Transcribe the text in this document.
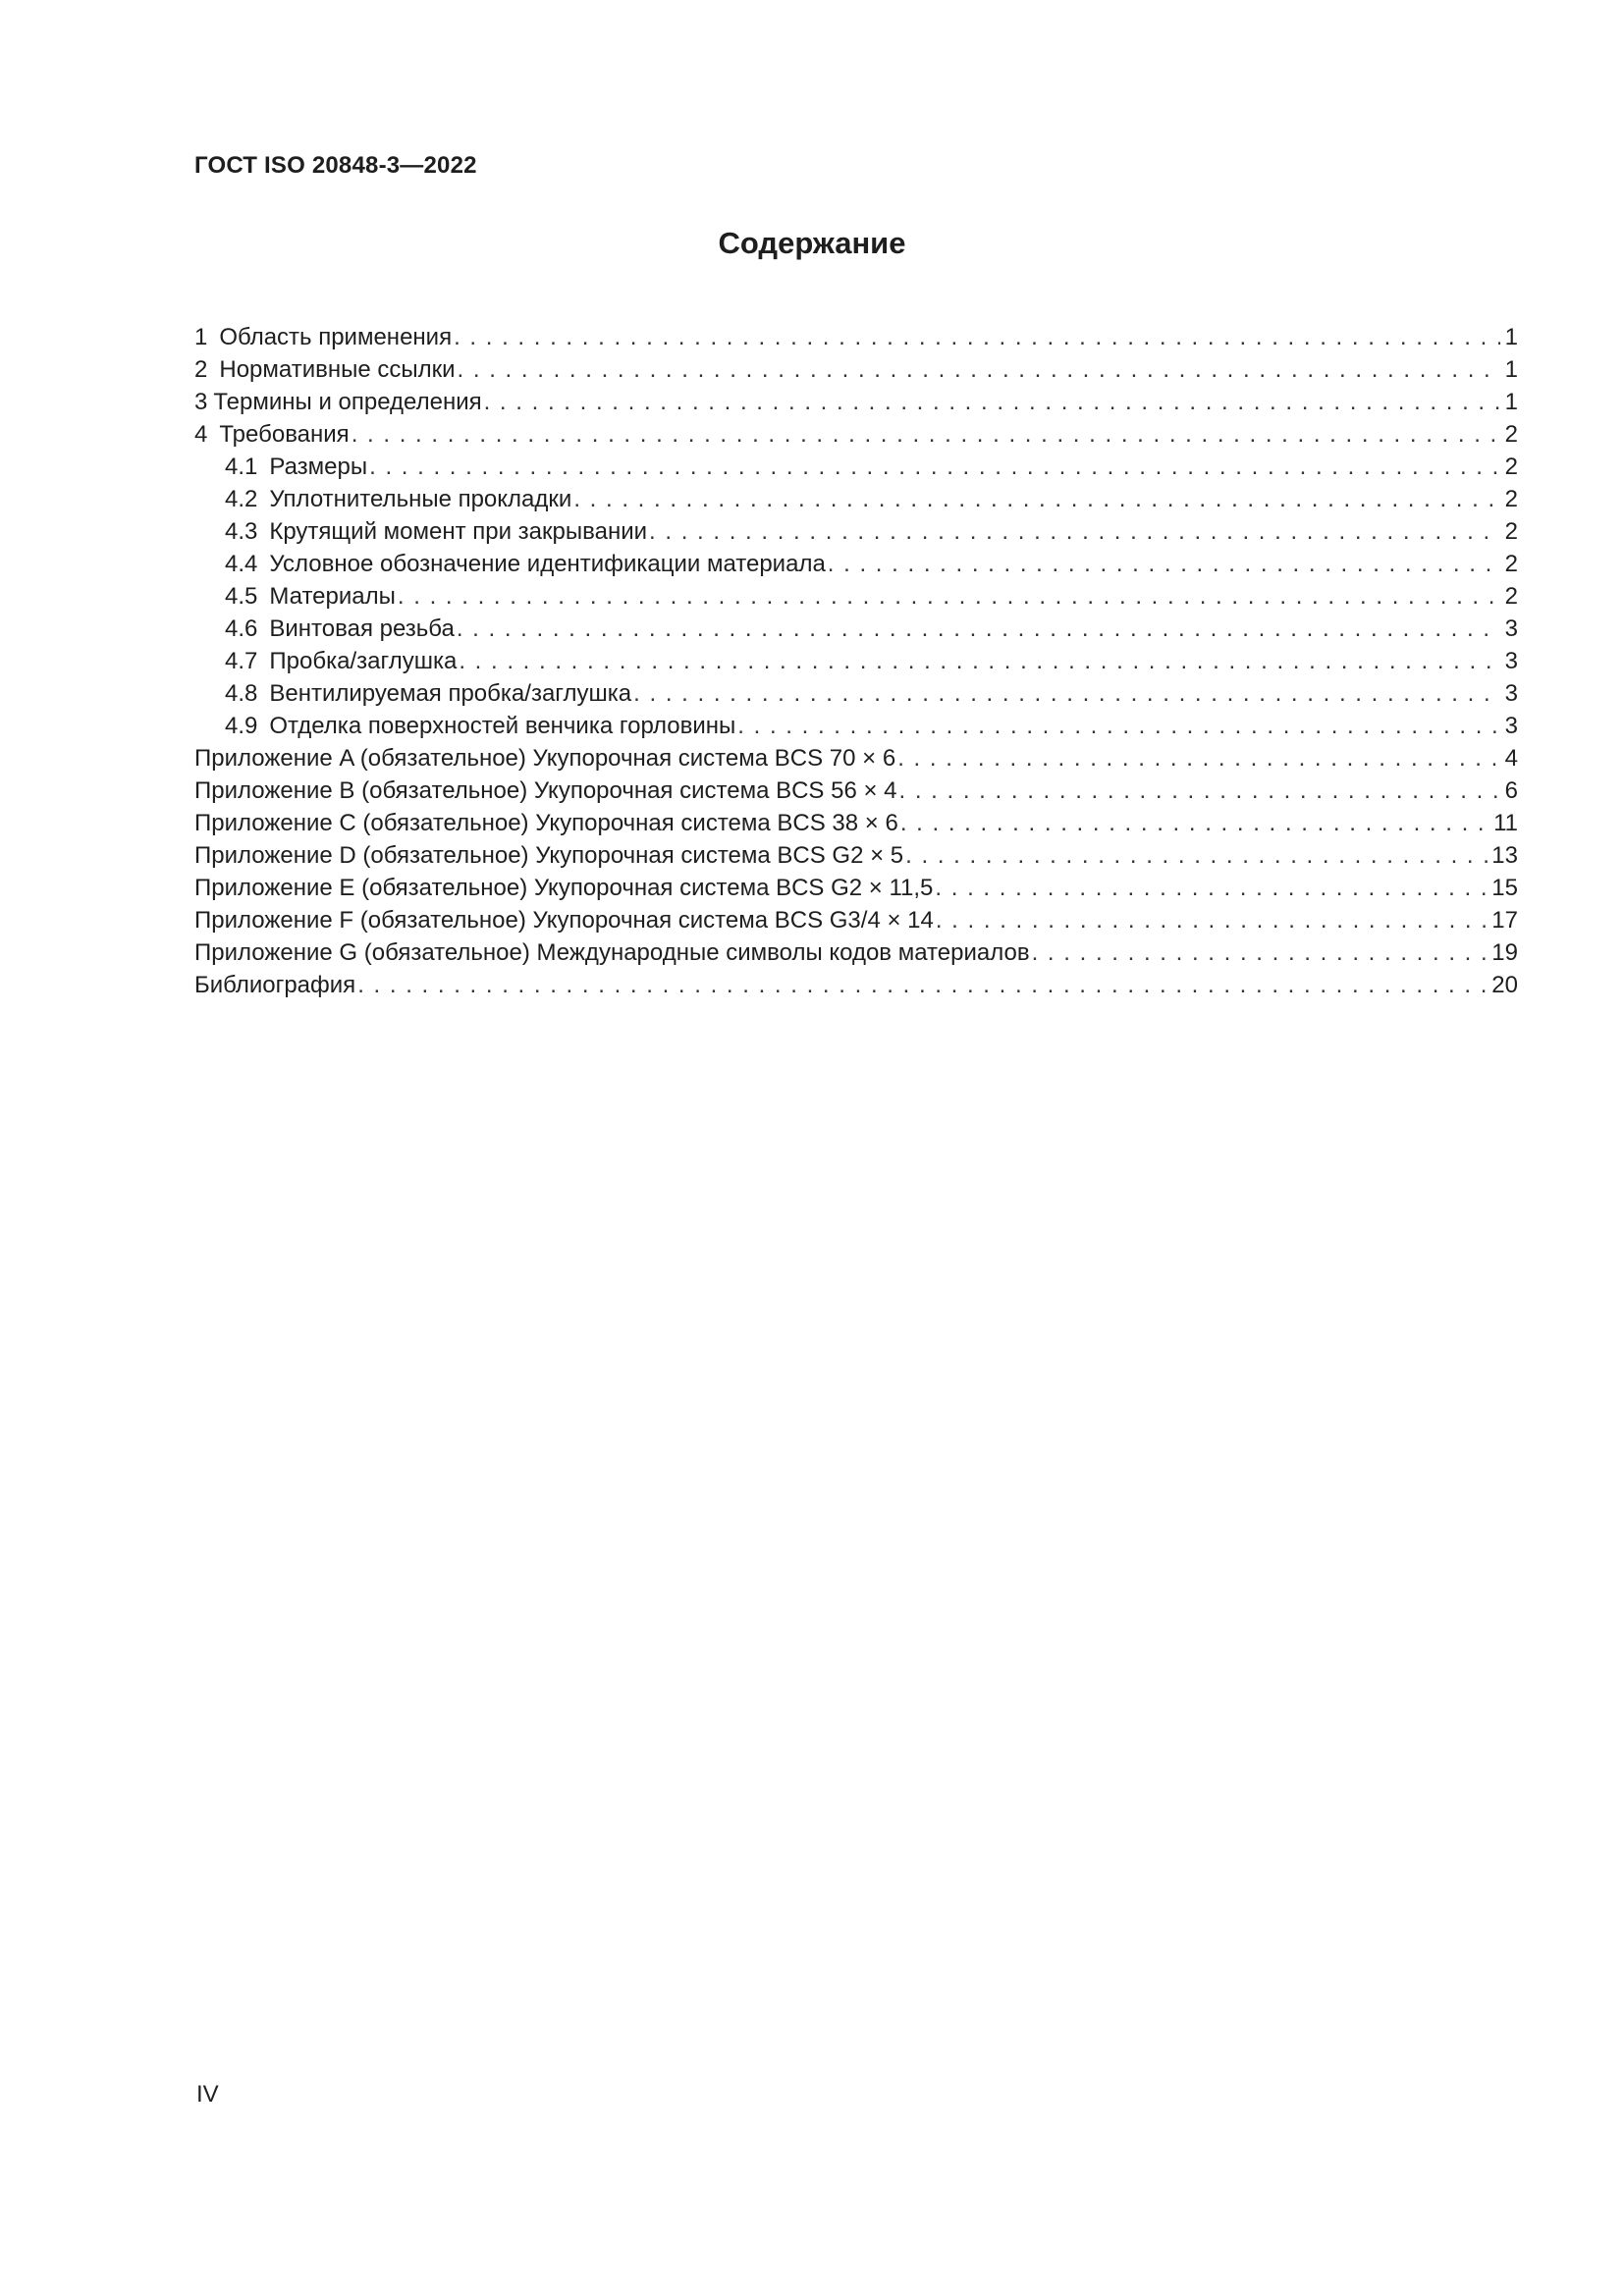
ГОСТ ISO 20848-3—2022
Содержание
1 Область применения . . .	1
2 Нормативные ссылки . . .	1
3 Термины и определения . . .	1
4 Требования . . .	2
4.1 Размеры . . .	2
4.2 Уплотнительные прокладки . . .	2
4.3 Крутящий момент при закрывании . . .	2
4.4 Условное обозначение идентификации материала . . .	2
4.5 Материалы . . .	2
4.6 Винтовая резьба . . .	3
4.7 Пробка/заглушка . . .	3
4.8 Вентилируемая пробка/заглушка . . .	3
4.9 Отделка поверхностей венчика горловины . . .	3
Приложение A (обязательное) Укупорочная система BCS 70 × 6 . . .	4
Приложение B (обязательное) Укупорочная система BCS 56 × 4 . . .	6
Приложение C (обязательное) Укупорочная система BCS 38 × 6 . . .	11
Приложение D (обязательное) Укупорочная система BCS G2 × 5 . . .	13
Приложение E (обязательное) Укупорочная система BCS G2 × 11,5 . . .	15
Приложение F (обязательное) Укупорочная система BCS G3/4 × 14 . . .	17
Приложение G (обязательное) Международные символы кодов материалов . . .	19
Библиография . . .	20
IV
